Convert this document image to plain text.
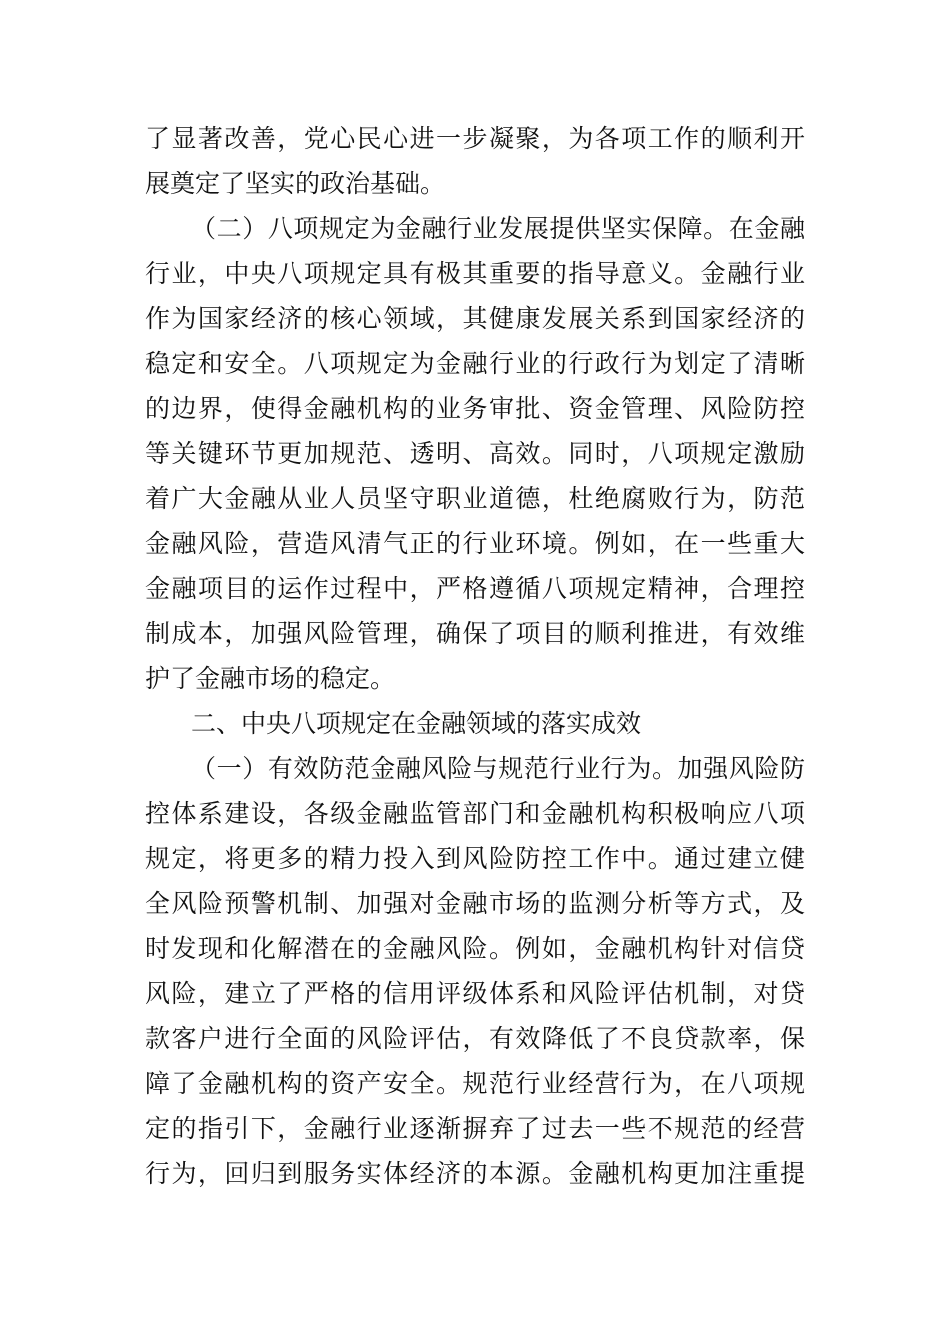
了显著改善，党心民心进一步凝聚，为各项工作的顺利开
展奠定了坚实的政治基础。
（二）八项规定为金融行业发展提供坚实保障。在金融
行业，中央八项规定具有极其重要的指导意义。金融行业
作为国家经济的核心领域，其健康发展关系到国家经济的
稳定和安全。八项规定为金融行业的行政行为划定了清晰
的边界，使得金融机构的业务审批、资金管理、风险防控
等关键环节更加规范、透明、高效。同时，八项规定激励
着广大金融从业人员坚守职业道德，杜绝腐败行为，防范
金融风险，营造风清气正的行业环境。例如，在一些重大
金融项目的运作过程中，严格遵循八项规定精神，合理控
制成本，加强风险管理，确保了项目的顺利推进，有效维
护了金融市场的稳定。
二、中央八项规定在金融领域的落实成效
（一）有效防范金融风险与规范行业行为。加强风险防
控体系建设，各级金融监管部门和金融机构积极响应八项
规定，将更多的精力投入到风险防控工作中。通过建立健
全风险预警机制、加强对金融市场的监测分析等方式，及
时发现和化解潜在的金融风险。例如，金融机构针对信贷
风险，建立了严格的信用评级体系和风险评估机制，对贷
款客户进行全面的风险评估，有效降低了不良贷款率，保
障了金融机构的资产安全。规范行业经营行为，在八项规
定的指引下，金融行业逐渐摒弃了过去一些不规范的经营
行为，回归到服务实体经济的本源。金融机构更加注重提
